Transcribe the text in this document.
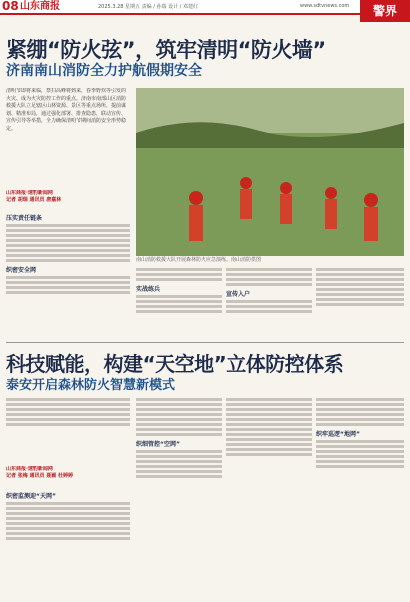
08 山东商报	2025.3.28 星期五 责编 / 孙瑞 设计 / 邓建红	www.sdtvnews.com	警界
紧绷“防火弦”，筑牢清明“防火墙”
济南南山消防全力护航假期安全
清明节即将来临，祭扫高峰将到来，春季野炊等引发的火灾、成为火灾防控工作的重点。济南市南部山区消防救援大队立足辖区山林资源、景区等重点场所，提前谋划、精准布局，通过强化部署、排查隐患，联动宣传、宣传引导等举措，全力确保清明节期间消防安全形势稳定。
山东商报·速豹新闻网
记者 胡瑞 通讯员 唐嘉林
压实责任链条
织密安全网
南山消防救援大队开展森林防火应急演练。南山消防供图
实战练兵
宣传入户
科技赋能，构建“天空地”立体防控体系
泰安开启森林防火智慧新模式
山东商报·速豹新闻网
记者 张梅 通讯员 聂颖 杜婷婷
织密监测迎“天网”
织细管控“空网”
织牢巡逻“地网”
